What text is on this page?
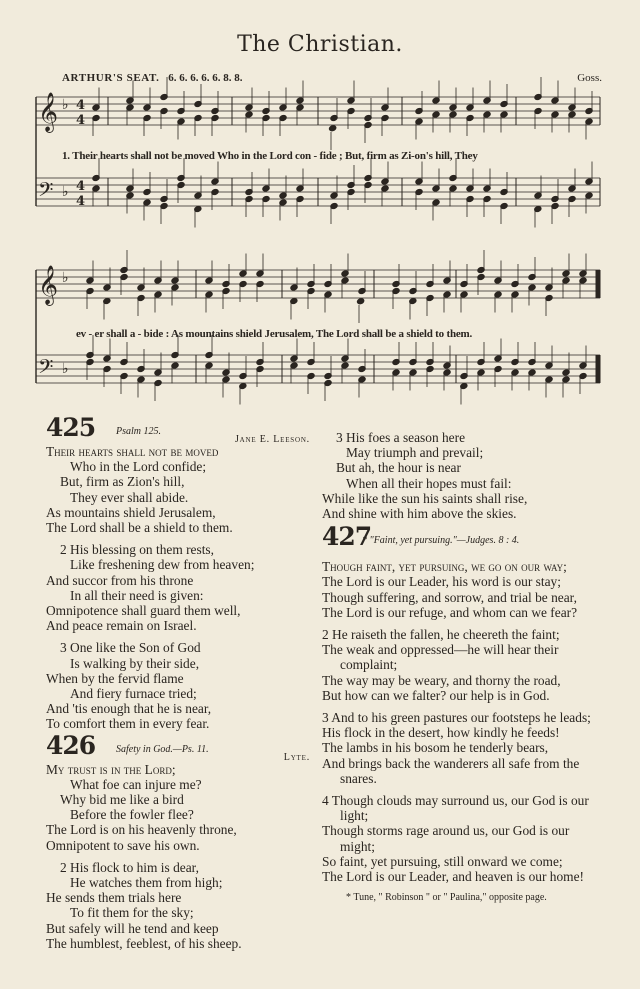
The Christian.
ARTHUR'S SEAT. 6. 6. 6. 6. 6. 8. 8.	Goss.
𝄞 ♭ 4
4
𝄢 ♭ 4
4
𝄞 ♭
𝄢 ♭
1. Their hearts shall not be moved Who in the Lord con - fide ; But, firm as Zi-on's hill, They
ev - er shall a - bide : As mountains shield Jerusalem, The Lord shall be a shield to them.
425 Psalm 125.
Jane E. Leeson.

Their hearts shall not be moved

Who in the Lord confide;

But, firm as Zion's hill,

They ever shall abide.

As mountains shield Jerusalem,

The Lord shall be a shield to them.

2 His blessing on them rests,

Like freshening dew from heaven;

And succor from his throne

In all their need is given:

Omnipotence shall guard them well,

And peace remain on Israel.

3 One like the Son of God

Is walking by their side,

When by the fervid flame

And fiery furnace tried;

And 'tis enough that he is near,

To comfort them in every fear.

426 Safety in God.—Ps. 11.
Lyte.

My trust is in the Lord;

What foe can injure me?

Why bid me like a bird

Before the fowler flee?

The Lord is on his heavenly throne,

Omnipotent to save his own.

2 His flock to him is dear,

He watches them from high;

He sends them trials here

To fit them for the sky;

But safely will he tend and keep

The humblest, feeblest, of his sheep.

3 His foes a season here

May triumph and prevail;

But ah, the hour is near

When all their hopes must fail:

While like the sun his saints shall rise,

And shine with him above the skies.

427
* "Faint, yet pursuing."—Judges. 8 : 4.

Though faint, yet pursuing, we go on our way;

The Lord is our Leader, his word is our stay;

Though suffering, and sorrow, and trial be near,

The Lord is our refuge, and whom can we fear?

2 He raiseth the fallen, he cheereth the faint;

The weak and oppressed—he will hear their complaint;

The way may be weary, and thorny the road,

But how can we falter? our help is in God.

3 And to his green pastures our footsteps he leads;

His flock in the desert, how kindly he feeds!

The lambs in his bosom he tenderly bears,

And brings back the wanderers all safe from the snares.

4 Though clouds may surround us, our God is our light;

Though storms rage around us, our God is our might;

So faint, yet pursuing, still onward we come;

The Lord is our Leader, and heaven is our home!

* Tune, " Robinson " or " Paulina," opposite page.
